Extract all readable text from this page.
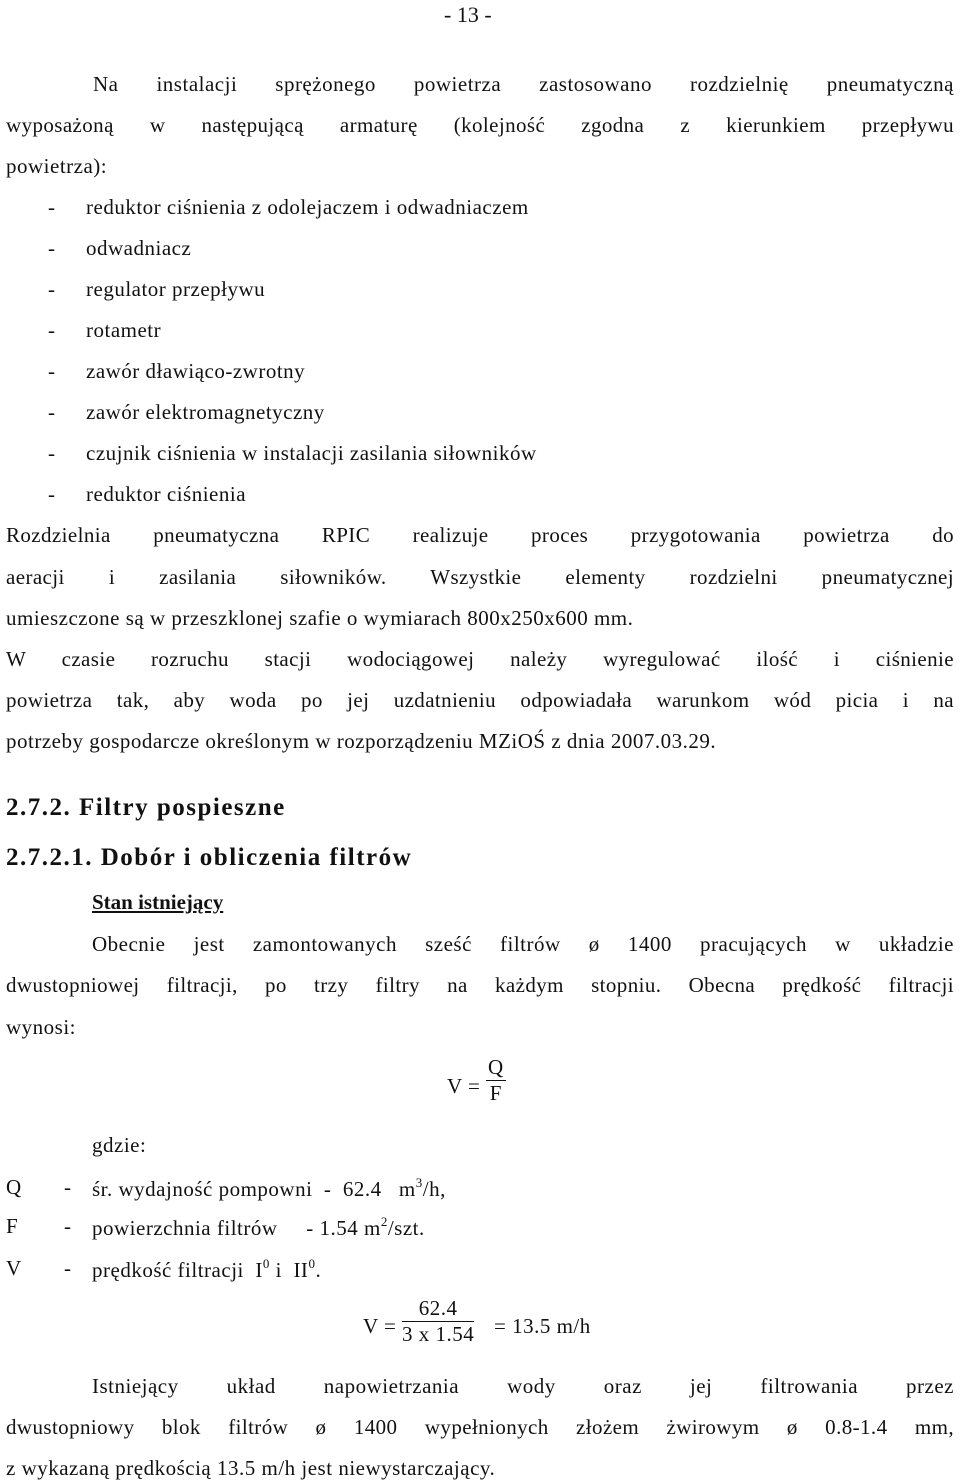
- 13 -
Na instalacji sprężonego powietrza zastosowano rozdzielnię pneumatyczną
wyposażoną w następującą armaturę (kolejność zgodna z kierunkiem przepływu
powietrza):
- reduktor ciśnienia z odolejaczem i odwadniaczem
- odwadniacz
- regulator przepływu
- rotametr
- zawór dławiąco-zwrotny
- zawór elektromagnetyczny
- czujnik ciśnienia w instalacji zasilania siłowników
- reduktor ciśnienia
Rozdzielnia pneumatyczna RPIC realizuje proces przygotowania powietrza do
aeracji i zasilania siłowników. Wszystkie elementy rozdzielni pneumatycznej
umieszczone są w przeszklonej szafie o wymiarach 800x250x600 mm.
W czasie rozruchu stacji wodociągowej należy wyregulować ilość i ciśnienie
powietrza tak, aby woda po jej uzdatnieniu odpowiadała warunkom wód picia i na
potrzeby gospodarcze określonym w rozporządzeniu MZiOŚ z dnia 2007.03.29.
2.7.2. Filtry pospieszne
2.7.2.1. Dobór i obliczenia filtrów
Stan istniejący
Obecnie jest zamontowanych sześć filtrów ø 1400 pracujących w układzie
dwustopniowej filtracji, po trzy filtry na każdym stopniu. Obecna prędkość filtracji
wynosi:
$V = \frac{Q}{F}$
gdzie:
Q - śr. wydajność pompowni  -  62.4   $m^3/h$,
F - powierzchnia filtrów     - 1.54 $m^2$/szt.
V - prędkość filtracji  $I^0$ i  $II^0$.
$V = \frac{62.4}{3 x 1.54} = 13.5$ m/h
Istniejący układ napowietrzania wody oraz jej filtrowania przez
dwustopniowy blok filtrów ø 1400 wypełnionych złożem żwirowym ø 0.8-1.4 mm,
z wykazaną prędkością 13.5 m/h jest niewystarczający.
